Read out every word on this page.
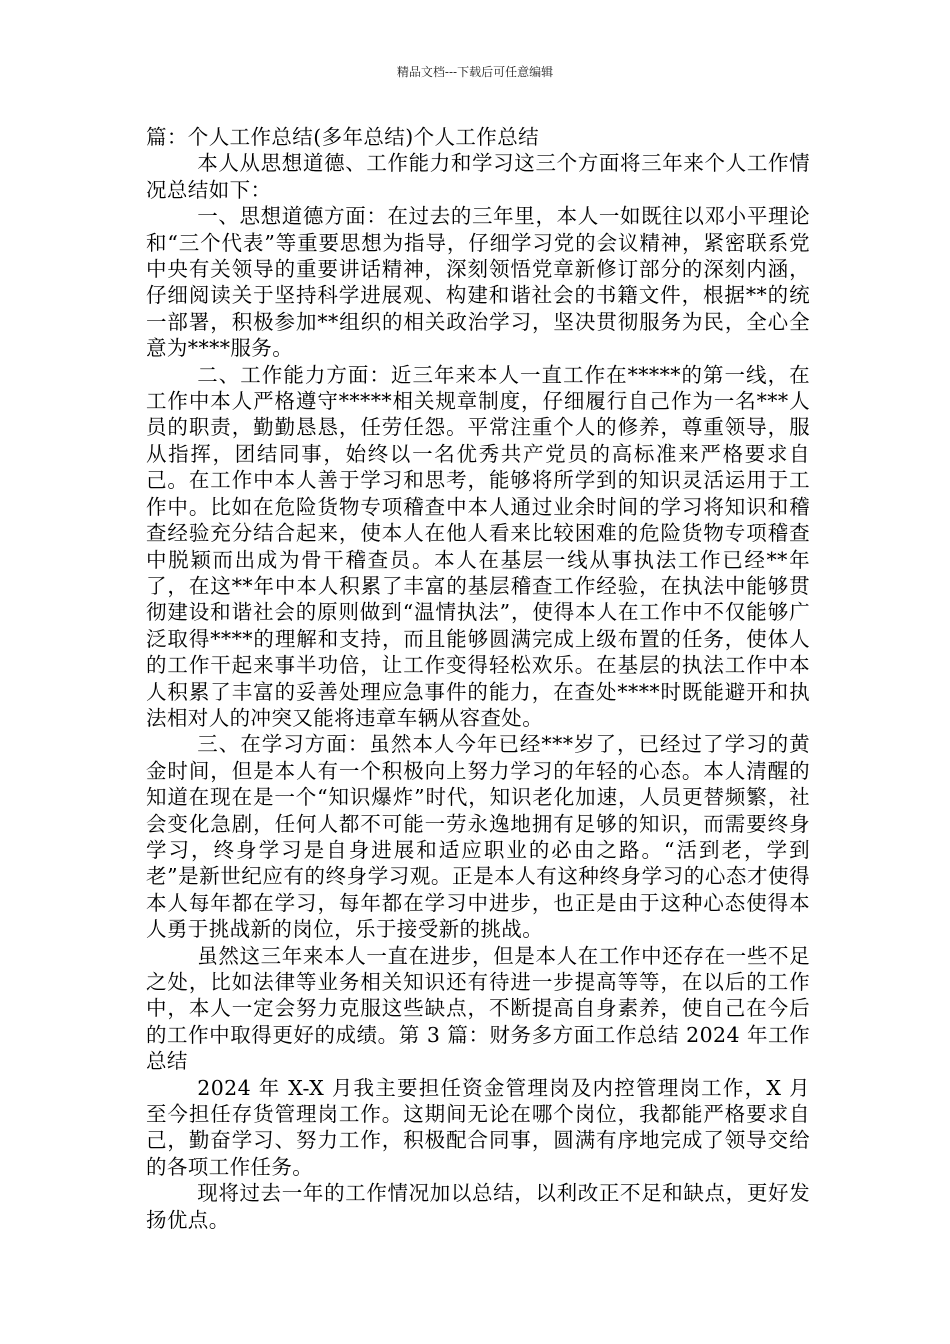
精品文档---下载后可任意编辑

篇：个人工作总结(多年总结)个人工作总结

本人从思想道德、工作能力和学习这三个方面将三年来个人工作情况总结如下：

一、思想道德方面：在过去的三年里，本人一如既往以邓小平理论和“三个代表”等重要思想为指导，仔细学习党的会议精神，紧密联系党中央有关领导的重要讲话精神，深刻领悟党章新修订部分的深刻内涵，仔细阅读关于坚持科学进展观、构建和谐社会的书籍文件，根据**的统一部署，积极参加**组织的相关政治学习，坚决贯彻服务为民，全心全意为****服务。

二、工作能力方面：近三年来本人一直工作在*****的第一线，在工作中本人严格遵守*****相关规章制度，仔细履行自己作为一名***人员的职责，勤勤恳恳，任劳任怨。平常注重个人的修养，尊重领导，服从指挥，团结同事，始终以一名优秀共产党员的高标准来严格要求自己。在工作中本人善于学习和思考，能够将所学到的知识灵活运用于工作中。比如在危险货物专项稽查中本人通过业余时间的学习将知识和稽查经验充分结合起来，使本人在他人看来比较困难的危险货物专项稽查中脱颖而出成为骨干稽查员。本人在基层一线从事执法工作已经**年了，在这**年中本人积累了丰富的基层稽查工作经验，在执法中能够贯彻建设和谐社会的原则做到“温情执法”，使得本人在工作中不仅能够广泛取得****的理解和支持，而且能够圆满完成上级布置的任务，使体人的工作干起来事半功倍，让工作变得轻松欢乐。在基层的执法工作中本人积累了丰富的妥善处理应急事件的能力，在查处****时既能避开和执法相对人的冲突又能将违章车辆从容查处。

三、在学习方面：虽然本人今年已经***岁了，已经过了学习的黄金时间，但是本人有一个积极向上努力学习的年轻的心态。本人清醒的知道在现在是一个“知识爆炸”时代，知识老化加速，人员更替频繁，社会变化急剧，任何人都不可能一劳永逸地拥有足够的知识，而需要终身学习，终身学习是自身进展和适应职业的必由之路。“活到老，学到老”是新世纪应有的终身学习观。正是本人有这种终身学习的心态才使得本人每年都在学习，每年都在学习中进步，也正是由于这种心态使得本人勇于挑战新的岗位，乐于接受新的挑战。

虽然这三年来本人一直在进步，但是本人在工作中还存在一些不足之处，比如法律等业务相关知识还有待进一步提高等等，在以后的工作中，本人一定会努力克服这些缺点，不断提高自身素养，使自己在今后的工作中取得更好的成绩。第 3 篇：财务多方面工作总结 2024 年工作总结

2024 年 X-X 月我主要担任资金管理岗及内控管理岗工作，X 月至今担任存货管理岗工作。这期间无论在哪个岗位，我都能严格要求自己，勤奋学习、努力工作，积极配合同事，圆满有序地完成了领导交给的各项工作任务。

现将过去一年的工作情况加以总结，以利改正不足和缺点，更好发扬优点。
